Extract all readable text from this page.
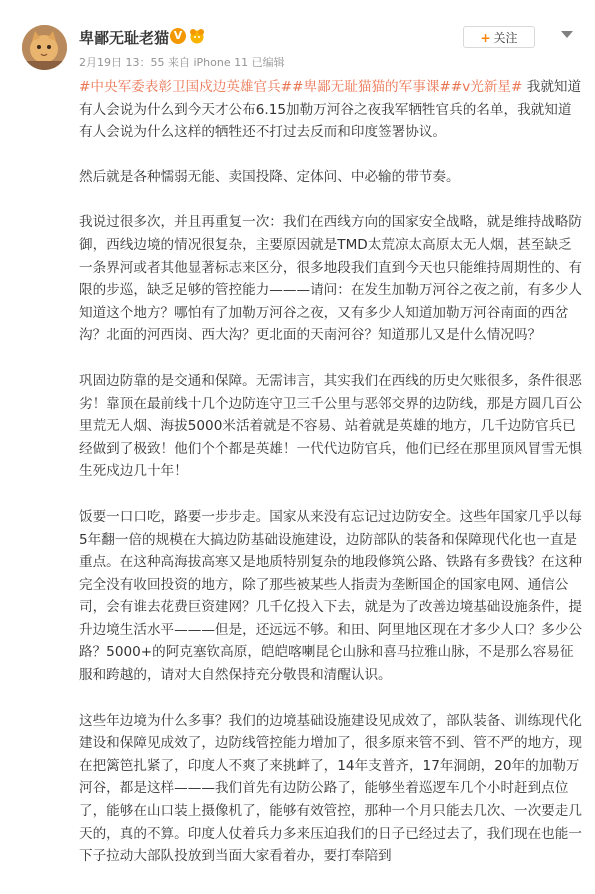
卑鄙无耻老猫 V
2月19日 13：55 来自 iPhone 11 已编辑
+ 关注

#中央军委表彰卫国戍边英雄官兵##卑鄙无耻猫猫的军事课##v光新星# 我就知道有人会说为什么到今天才公布6.15加勒万河谷之夜我军牺牲官兵的名单，我就知道有人会说为什么这样的牺牲还不打过去反而和印度签署协议。

然后就是各种懦弱无能、卖国投降、定体问、中必输的带节奏。

我说过很多次，并且再重复一次：我们在西线方向的国家安全战略，就是维持战略防御，西线边境的情况很复杂，主要原因就是TMD太荒凉太高原太无人烟，甚至缺乏一条界河或者其他显著标志来区分，很多地段我们直到今天也只能维持周期性的、有限的步巡，缺乏足够的管控能力———请问：在发生加勒万河谷之夜之前，有多少人知道这个地方？哪怕有了加勒万河谷之夜，又有多少人知道加勒万河谷南面的西岔沟？北面的河西岗、西大沟？更北面的天南河谷？知道那儿又是什么情况吗？

巩固边防靠的是交通和保障。无需讳言，其实我们在西线的历史欠账很多，条件很恶劣！靠顶在最前线十几个边防连守卫三千公里与恶邻交界的边防线，那是方圆几百公里荒无人烟、海拔5000米活着就是不容易、站着就是英雄的地方，几千边防官兵已经做到了极致！他们个个都是英雄！一代代边防官兵，他们已经在那里顶风冒雪无惧生死戍边几十年！

饭要一口口吃，路要一步步走。国家从来没有忘记过边防安全。这些年国家几乎以每5年翻一倍的规模在大搞边防基础设施建设，边防部队的装备和保障现代化也一直是重点。在这种高海拔高寒又是地质特别复杂的地段修筑公路、铁路有多费钱？在这种完全没有收回投资的地方，除了那些被某些人指责为垄断国企的国家电网、通信公司，会有谁去花费巨资建网？几千亿投入下去，就是为了改善边境基础设施条件，提升边境生活水平———但是，还远远不够。和田、阿里地区现在才多少人口？多少公路？5000+的阿克塞钦高原，皑皑喀喇昆仑山脉和喜马拉雅山脉，不是那么容易征服和跨越的，请对大自然保持充分敬畏和清醒认识。

这些年边境为什么多事？我们的边境基础设施建设见成效了，部队装备、训练现代化建设和保障见成效了，边防线管控能力增加了，很多原来管不到、管不严的地方，现在把篱笆扎紧了，印度人不爽了来挑衅了，14年支普齐，17年洞朗，20年的加勒万河谷，都是这样———我们首先有边防公路了，能够坐着巡逻车几个小时赶到点位了，能够在山口装上摄像机了，能够有效管控，那种一个月只能去几次、一次要走几天的，真的不算。印度人仗着兵力多来压迫我们的日子已经过去了，我们现在也能一下子拉动大部队投放到当面大家看着办，要打奉陪到
